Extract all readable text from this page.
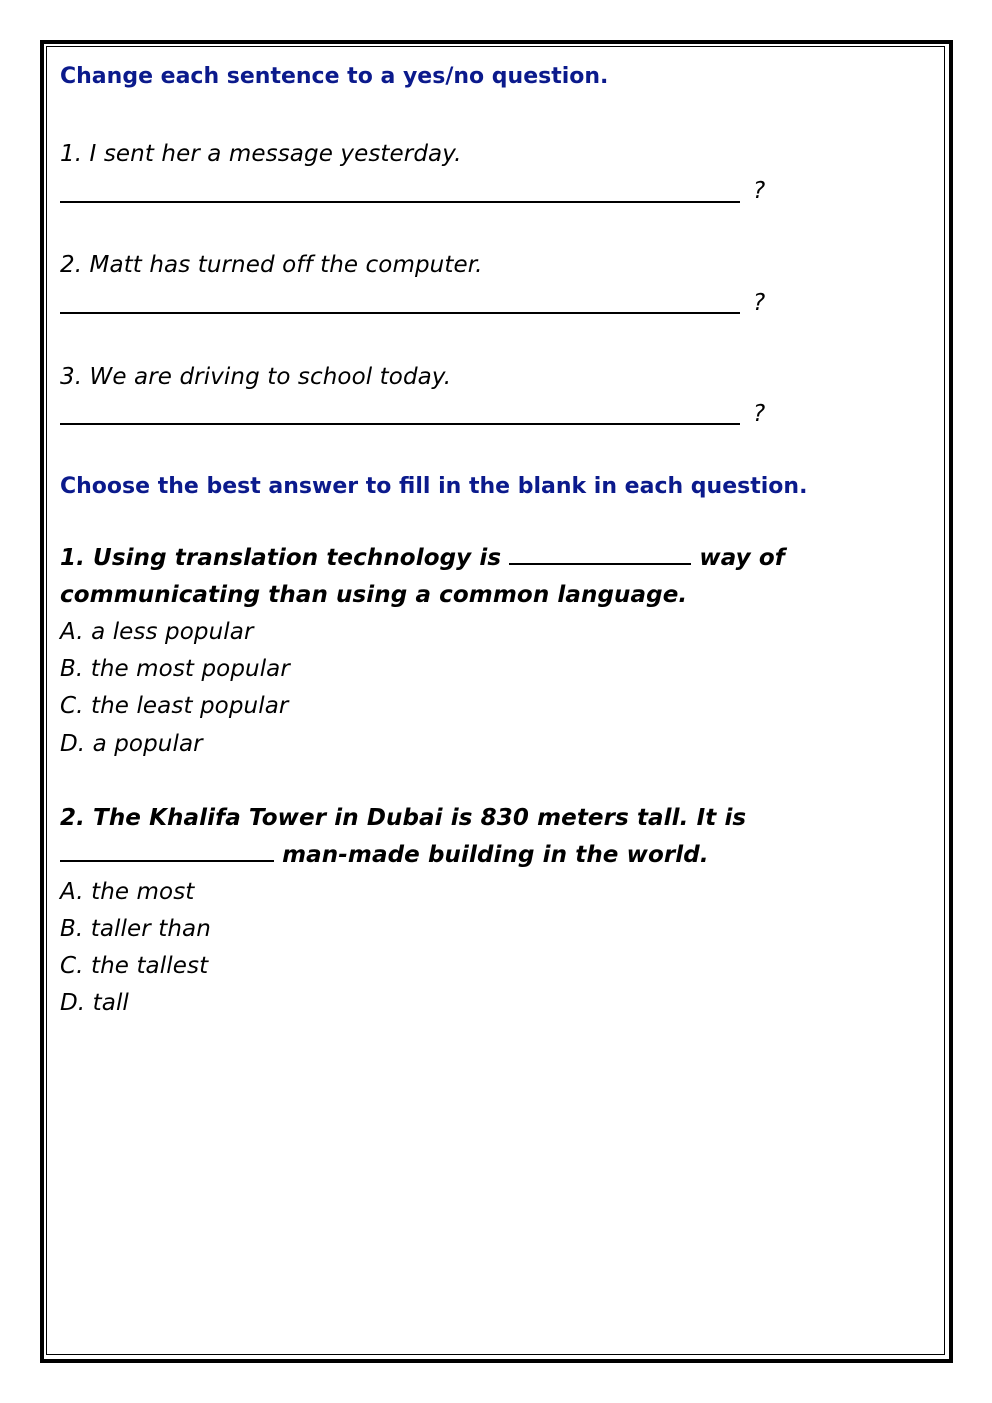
Change each sentence to a yes/no question.
1. I sent her a message yesterday.
?
2. Matt has turned off the computer.
?
3. We are driving to school today.
?
Choose the best answer to fill in the blank in each question.
1. Using translation technology is	way of
communicating than using a common language.
A. a less popular
B. the most popular
C. the least popular
D. a popular
2. The Khalifa Tower in Dubai is 830 meters tall. It is
man-made building in the world.
A. the most
B. taller than
C. the tallest
D. tall
